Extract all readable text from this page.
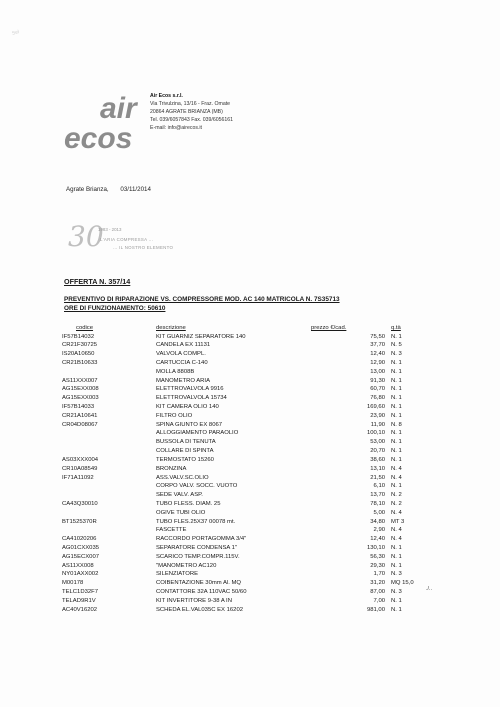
Sel
air
ecos
Air Ecos s.r.l.
Via Trivulzina, 13/16 - Fraz. Omate
20864 AGRATE BRIANZA (MB)
Tel. 039/6057843 Fax. 039/6056161
E-mail: info@airecos.it
Agrate Brianza, 03/11/2014
30
1983 - 2013
L'ARIA COMPRESSA ...
... IL NOSTRO ELEMENTO
OFFERTA N. 357/14
PREVENTIVO DI RIPARAZIONE VS. COMPRESSORE MOD. AC 140 MATRICOLA N. 7S35713
ORE DI FUNZIONAMENTO: 50610
codice	descrizione	prezzo €/cad.	q.tà
IF57B14032	KIT GUARNIZ SEPARATORE 140	75,50	N. 1
CR21F30725	CANDELA EX 11131	37,70	N. 5
IS20A10650	VALVOLA COMPL.	12,40	N. 3
CR21B10633	CARTUCCIA C-140	12,90	N. 1
	MOLLA 8808B	13,00	N. 1
AS11XXX007	MANOMETRO ARIA	91,30	N. 1
AG15EXX008	ELETTROVALVOLA 9916	60,70	N. 1
AG15EXX003	ELETTROVALVOLA 15734	76,80	N. 1
IF57B14033	KIT CAMERA OLIO 140	169,60	N. 1
CR21A10641	FILTRO OLIO	23,90	N. 1
CR04D08067	SPINA GIUNTO EX 8067	11,90	N. 8
	ALLOGGIAMENTO PARAOLIO	100,10	N. 1
	BUSSOLA DI TENUTA	53,00	N. 1
	COLLARE DI SPINTA	20,70	N. 1
AS03XXX004	TERMOSTATO 15260	38,60	N. 1
CR10A08549	BRONZINA	13,10	N. 4
IF71A11092	ASS.VALV.SC.OLIO	21,50	N. 4
	CORPO VALV. SOCC. VUOTO	6,10	N. 1
	SEDE VALV. ASP.	13,70	N. 2
CA43Q30010	TUBO FLESS. DIAM. 25	78,10	N. 2
	OGIVE TUBI OLIO	5,00	N. 4
BT1525370R	TUBO FLES.25X37 00078 mt.	34,80	MT 3
	FASCETTE	2,90	N. 4
CA41020206	RACCORDO PORTAGOMMA 3/4"	12,40	N. 4
AG01CXX035	SEPARATORE CONDENSA 1"	130,10	N. 1
AG15ECX007	SCARICO TEMP.COMPR.115V.	56,30	N. 1
AS11XX008	"MANOMETRO AC120	29,30	N. 1
NY01AXX002	SILENZIATORE	1,70	N. 3
M00178	COIBENTAZIONE 30mm Al. MQ	31,20	MQ 15,0
TELC1D32F7	CONTATTORE 32A 110VAC 50/60	87,00	N. 3
TELAD9R1V	KIT INVERTITORE 9-38 A IN	7,00	N. 1
AC40V16202	SCHEDA EL.VAL035C EX 16202	981,00	N. 1
./..
